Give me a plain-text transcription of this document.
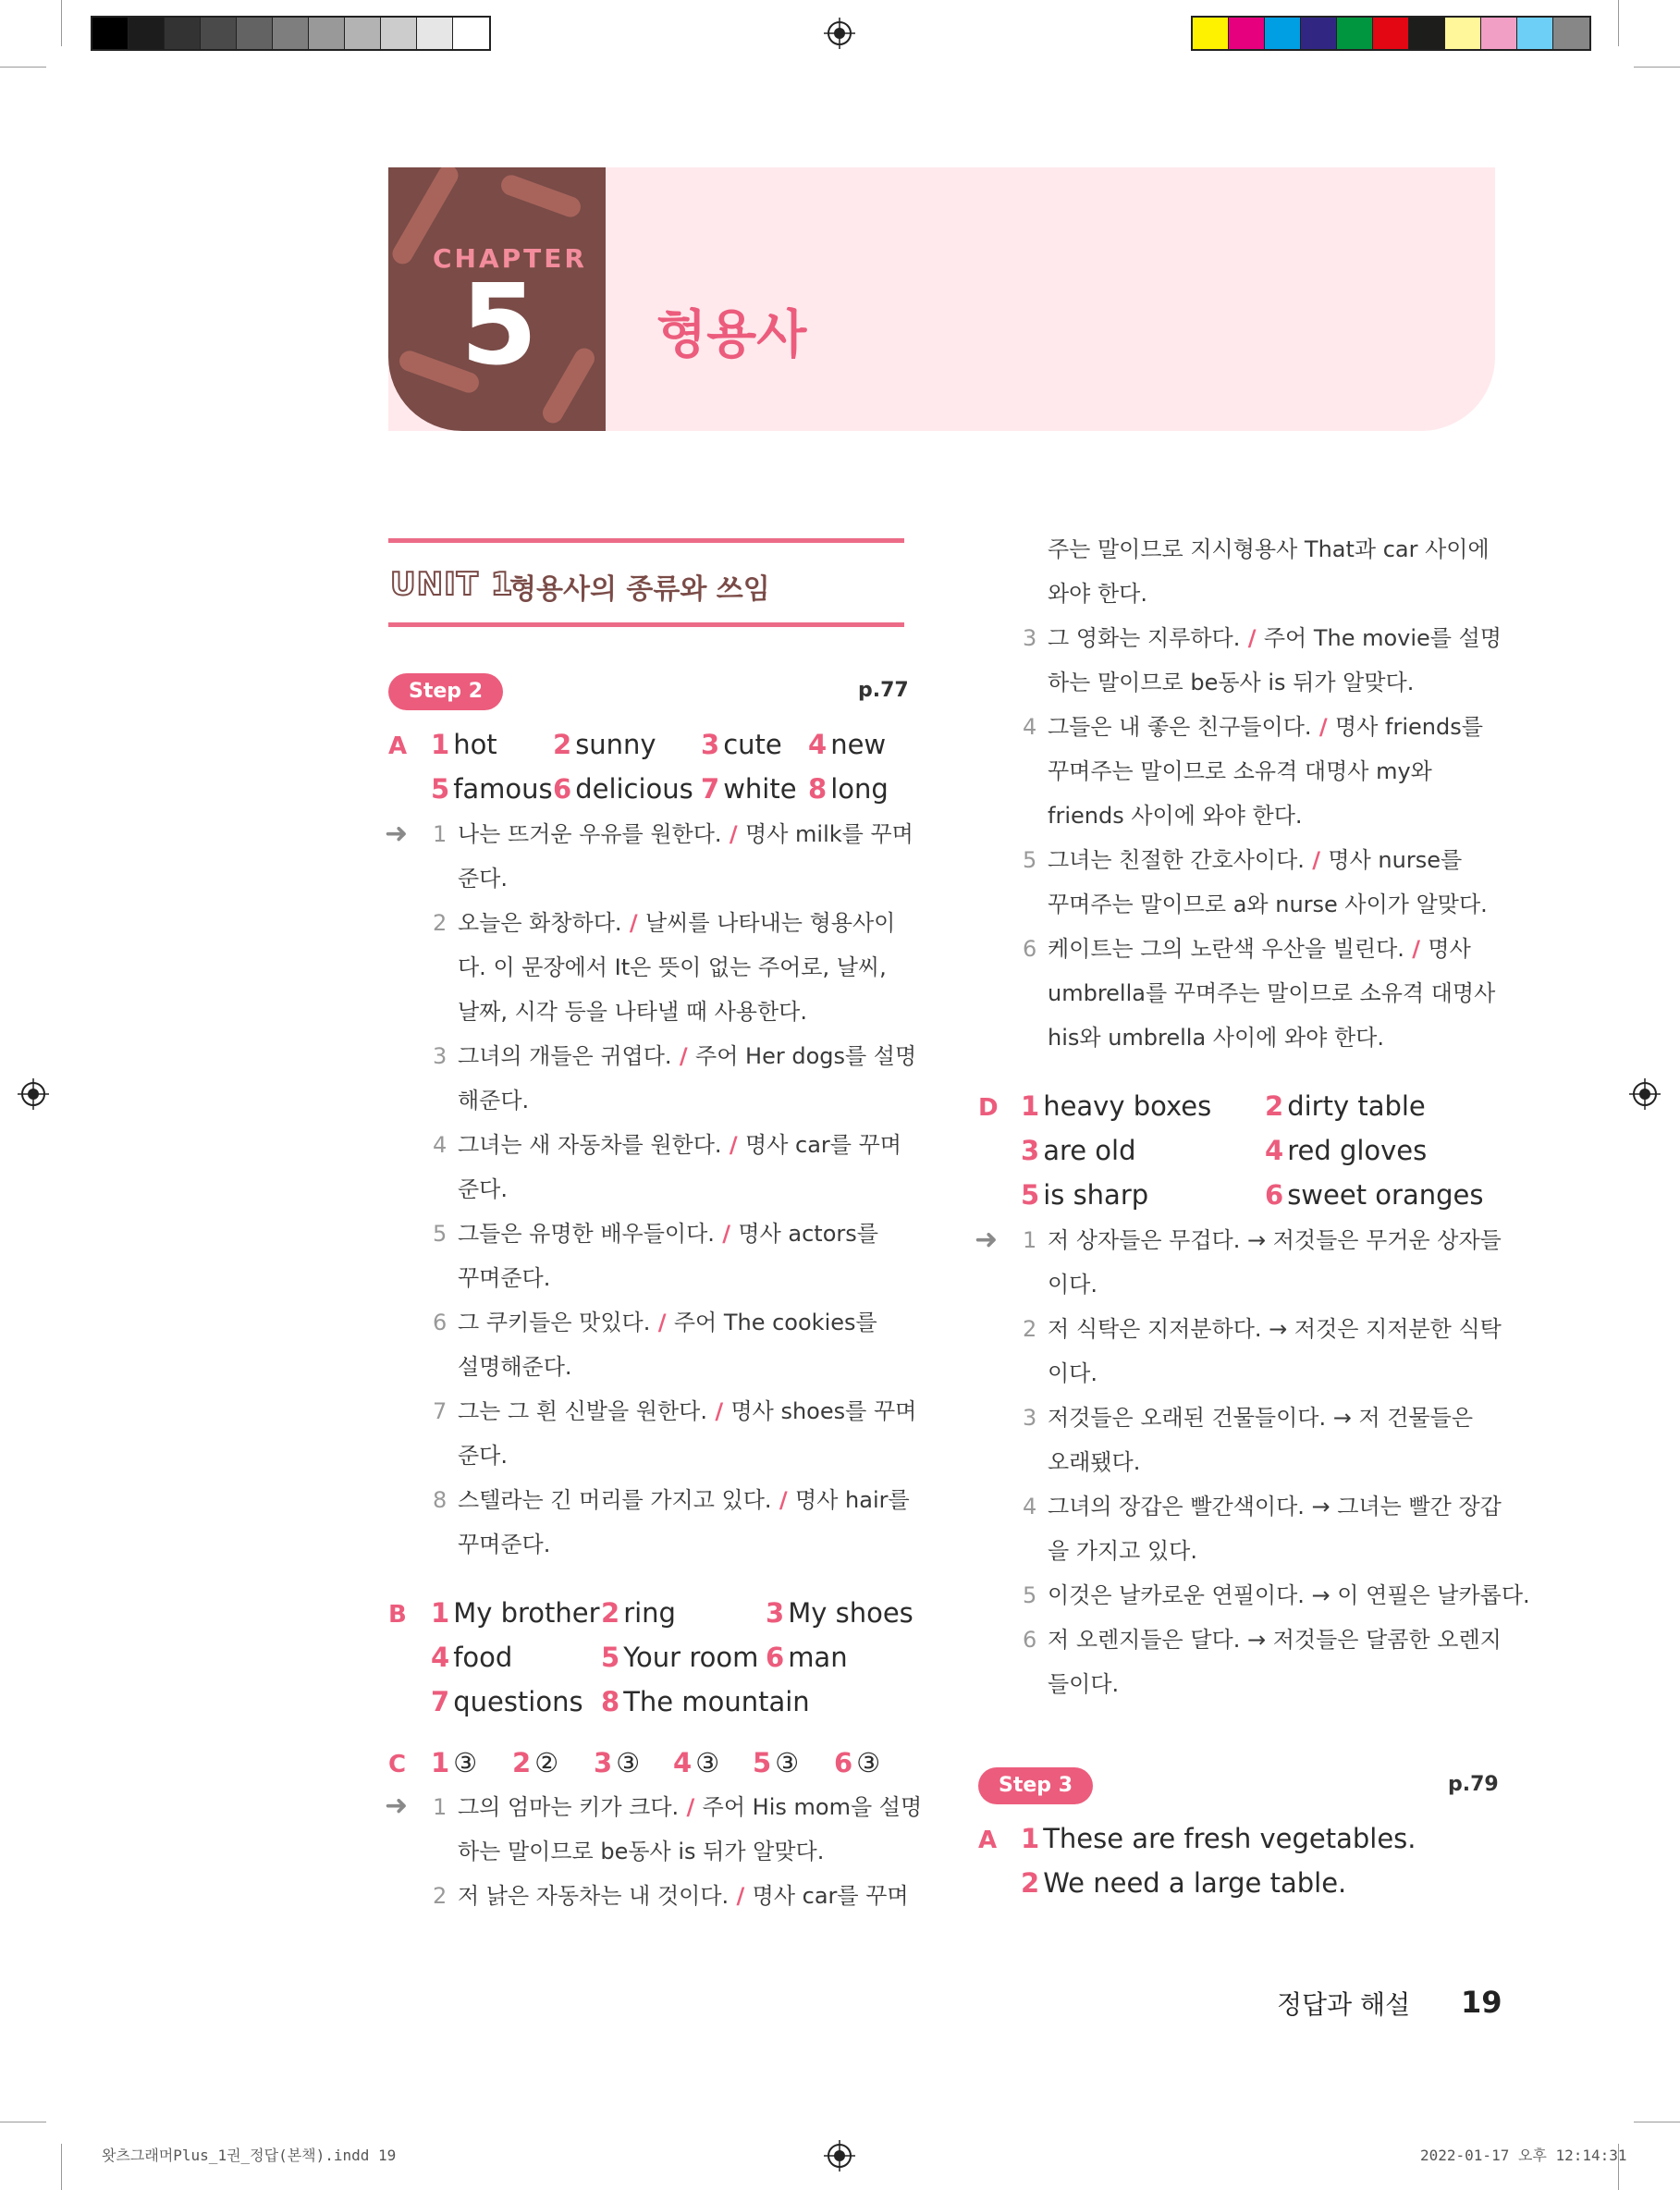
CHAPTER
5 형용사
UNIT 1
형용사의 종류와 쓰임
Step 2	p.77
A 1 hot 2 sunny 3 cute 4 new
5 famous 6 delicious 7 white 8 long
➜ 1 나는 뜨거운 우유를 원한다. / 명사 milk를 꾸며
준다.
2 오늘은 화창하다. / 날씨를 나타내는 형용사이
다. 이 문장에서 It은 뜻이 없는 주어로, 날씨,
날짜, 시각 등을 나타낼 때 사용한다.
3 그녀의 개들은 귀엽다. / 주어 Her dogs를 설명
해준다.
4 그녀는 새 자동차를 원한다. / 명사 car를 꾸며
준다.
5 그들은 유명한 배우들이다. / 명사 actors를
꾸며준다.
6 그 쿠키들은 맛있다. / 주어 The cookies를
설명해준다.
7 그는 그 흰 신발을 원한다. / 명사 shoes를 꾸며
준다.
8 스텔라는 긴 머리를 가지고 있다. / 명사 hair를
꾸며준다.
B 1 My brother 2 ring	3 My shoes
4 food	5 Your room 6 man
7 questions 8 The mountain
C 1 ③ 2 ② 3 ③ 4 ③ 5 ③ 6 ③
➜ 1 그의 엄마는 키가 크다. / 주어 His mom을 설명
하는 말이므로 be동사 is 뒤가 알맞다.
2 저 낡은 자동차는 내 것이다. / 명사 car를 꾸며
주는 말이므로 지시형용사 That과 car 사이에
와야 한다.
3 그 영화는 지루하다. / 주어 The movie를 설명
하는 말이므로 be동사 is 뒤가 알맞다.
4 그들은 내 좋은 친구들이다. / 명사 friends를
꾸며주는 말이므로 소유격 대명사 my와
friends 사이에 와야 한다.
5 그녀는 친절한 간호사이다. / 명사 nurse를
꾸며주는 말이므로 a와 nurse 사이가 알맞다.
6 케이트는 그의 노란색 우산을 빌린다. / 명사
umbrella를 꾸며주는 말이므로 소유격 대명사
his와 umbrella 사이에 와야 한다.
D 1 heavy boxes 2 dirty table
3 are old	4 red gloves
5 is sharp	6 sweet oranges
➜ 1 저 상자들은 무겁다. → 저것들은 무거운 상자들
이다.
2 저 식탁은 지저분하다. → 저것은 지저분한 식탁
이다.
3 저것들은 오래된 건물들이다. → 저 건물들은
오래됐다.
4 그녀의 장갑은 빨간색이다. → 그녀는 빨간 장갑
을 가지고 있다.
5 이것은 날카로운 연필이다. → 이 연필은 날카롭다.
6 저 오렌지들은 달다. → 저것들은 달콤한 오렌지
들이다.
Step 3	p.79
A 1 These are fresh vegetables.
2 We need a large table.
정답과 해설 19
왓츠그래머Plus_1권_정답(본책).indd 19	2022-01-17 오후 12:14:31
